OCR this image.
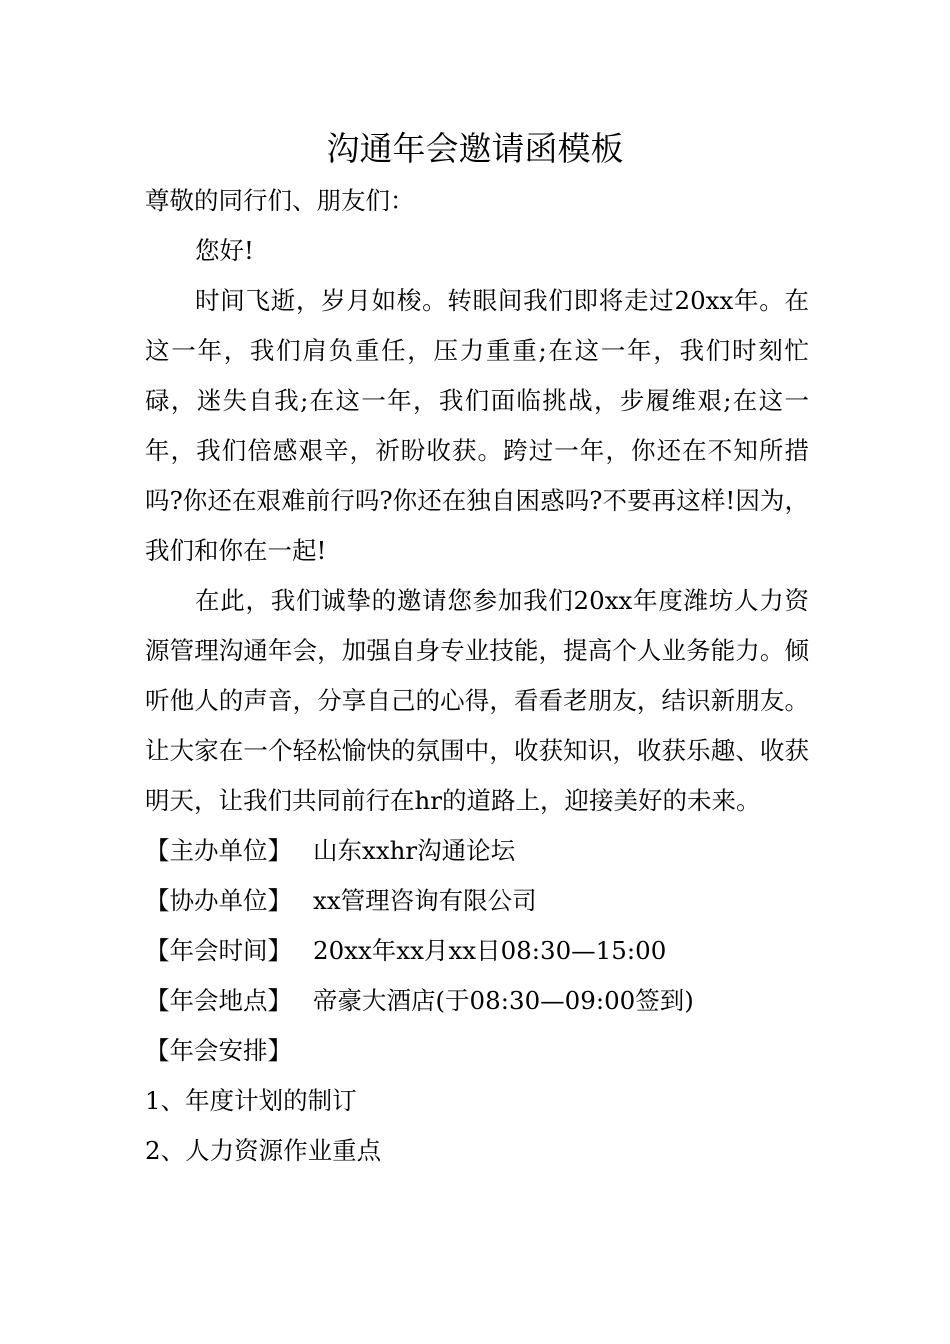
沟通年会邀请函模板

尊敬的同行们、朋友们：

您好!

时间飞逝，岁月如梭。转眼间我们即将走过20xx年。在这一年，我们肩负重任，压力重重;在这一年，我们时刻忙碌，迷失自我;在这一年，我们面临挑战，步履维艰;在这一年，我们倍感艰辛，祈盼收获。跨过一年，你还在不知所措吗?你还在艰难前行吗?你还在独自困惑吗?不要再这样!因为，我们和你在一起!

在此，我们诚挚的邀请您参加我们20xx年度潍坊人力资源管理沟通年会，加强自身专业技能，提高个人业务能力。倾听他人的声音，分享自己的心得，看看老朋友，结识新朋友。让大家在一个轻松愉快的氛围中，收获知识，收获乐趣、收获明天，让我们共同前行在hr的道路上，迎接美好的未来。

【主办单位】 山东xxhr沟通论坛

【协办单位】 xx管理咨询有限公司

【年会时间】 20xx年xx月xx日08:30—15:00

【年会地点】 帝豪大酒店(于08:30—09:00签到)

【年会安排】

1、年度计划的制订

2、人力资源作业重点
